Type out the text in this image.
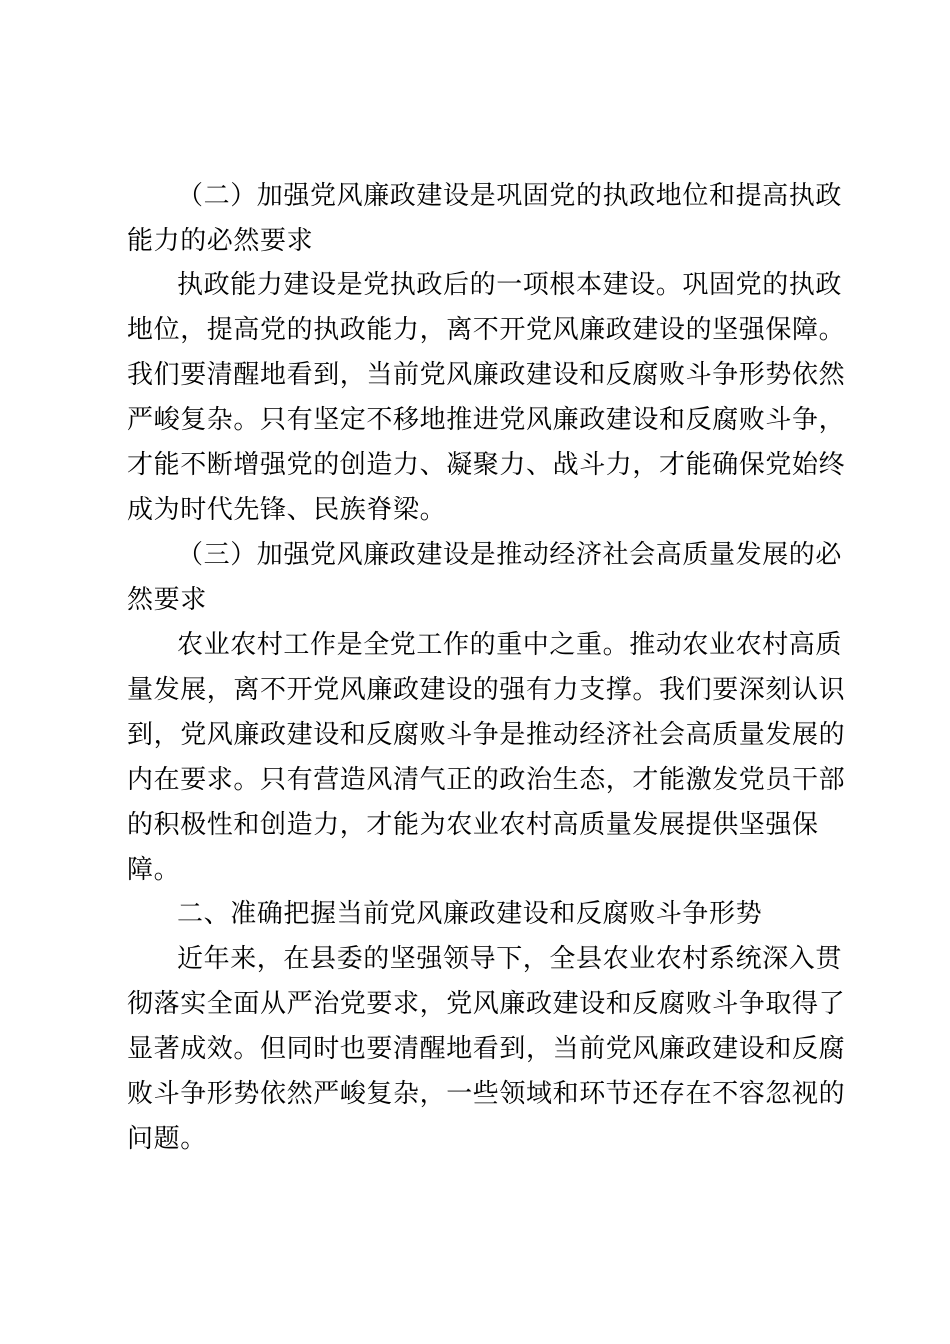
（二）加强党风廉政建设是巩固党的执政地位和提高执政
能力的必然要求
执政能力建设是党执政后的一项根本建设。巩固党的执政
地位，提高党的执政能力，离不开党风廉政建设的坚强保障。
我们要清醒地看到，当前党风廉政建设和反腐败斗争形势依然
严峻复杂。只有坚定不移地推进党风廉政建设和反腐败斗争，
才能不断增强党的创造力、凝聚力、战斗力，才能确保党始终
成为时代先锋、民族脊梁。
（三）加强党风廉政建设是推动经济社会高质量发展的必
然要求
农业农村工作是全党工作的重中之重。推动农业农村高质
量发展，离不开党风廉政建设的强有力支撑。我们要深刻认识
到，党风廉政建设和反腐败斗争是推动经济社会高质量发展的
内在要求。只有营造风清气正的政治生态，才能激发党员干部
的积极性和创造力，才能为农业农村高质量发展提供坚强保
障。
二、准确把握当前党风廉政建设和反腐败斗争形势
近年来，在县委的坚强领导下，全县农业农村系统深入贯
彻落实全面从严治党要求，党风廉政建设和反腐败斗争取得了
显著成效。但同时也要清醒地看到，当前党风廉政建设和反腐
败斗争形势依然严峻复杂，一些领域和环节还存在不容忽视的
问题。
